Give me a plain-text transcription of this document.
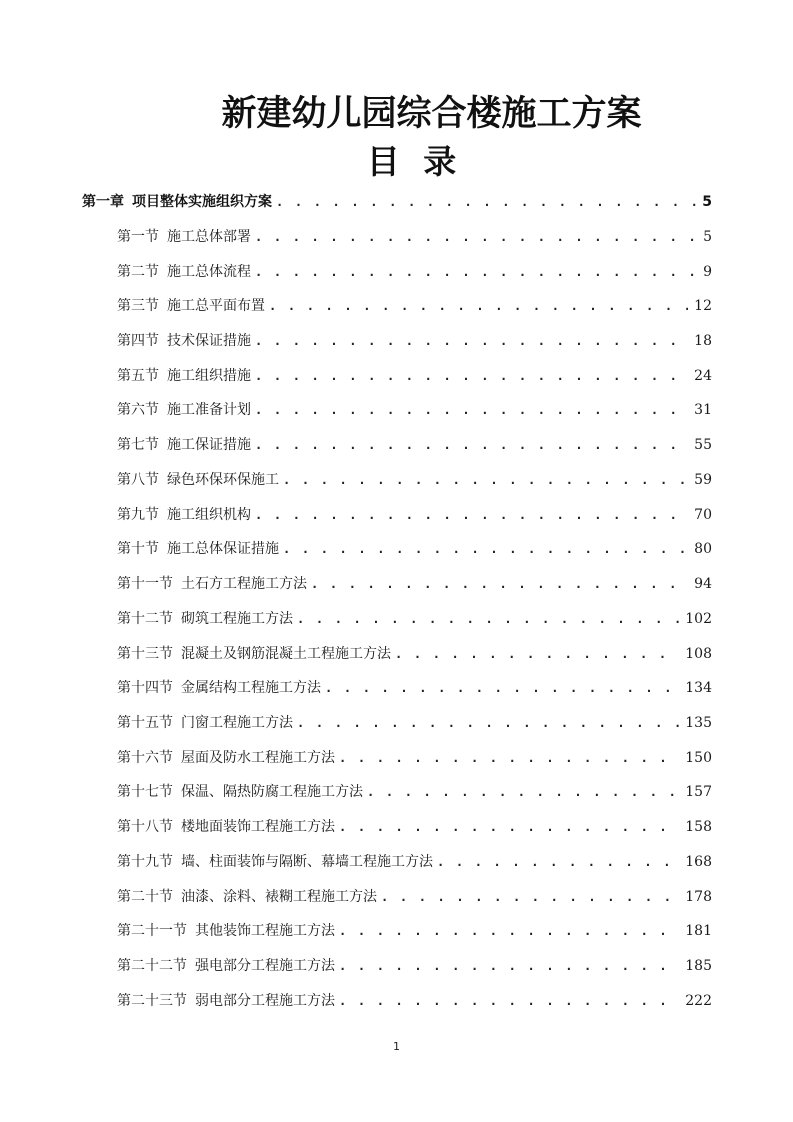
新建幼儿园综合楼施工方案
目 录
第一章 项目整体实施组织方案 . . .	5
第一节 施工总体部署 . . .	5
第二节 施工总体流程 . . .	9
第三节 施工总平面布置 . . .	12
第四节 技术保证措施 . . .	18
第五节 施工组织措施 . . .	24
第六节 施工准备计划 . . .	31
第七节 施工保证措施 . . .	55
第八节 绿色环保环保施工 . . .	59
第九节 施工组织机构 . . .	70
第十节 施工总体保证措施 . . .	80
第十一节 土石方工程施工方法 . . .	94
第十二节 砌筑工程施工方法 . . .	102
第十三节 混凝土及钢筋混凝土工程施工方法 . . .	108
第十四节 金属结构工程施工方法 . . .	134
第十五节 门窗工程施工方法 . . .	135
第十六节 屋面及防水工程施工方法 . . .	150
第十七节 保温、隔热防腐工程施工方法 . . .	157
第十八节 楼地面装饰工程施工方法 . . .	158
第十九节 墙、柱面装饰与隔断、幕墙工程施工方法 . . .	168
第二十节 油漆、涂料、裱糊工程施工方法 . . .	178
第二十一节 其他装饰工程施工方法 . . .	181
第二十二节 强电部分工程施工方法 . . .	185
第二十三节 弱电部分工程施工方法 . . .	222
1
